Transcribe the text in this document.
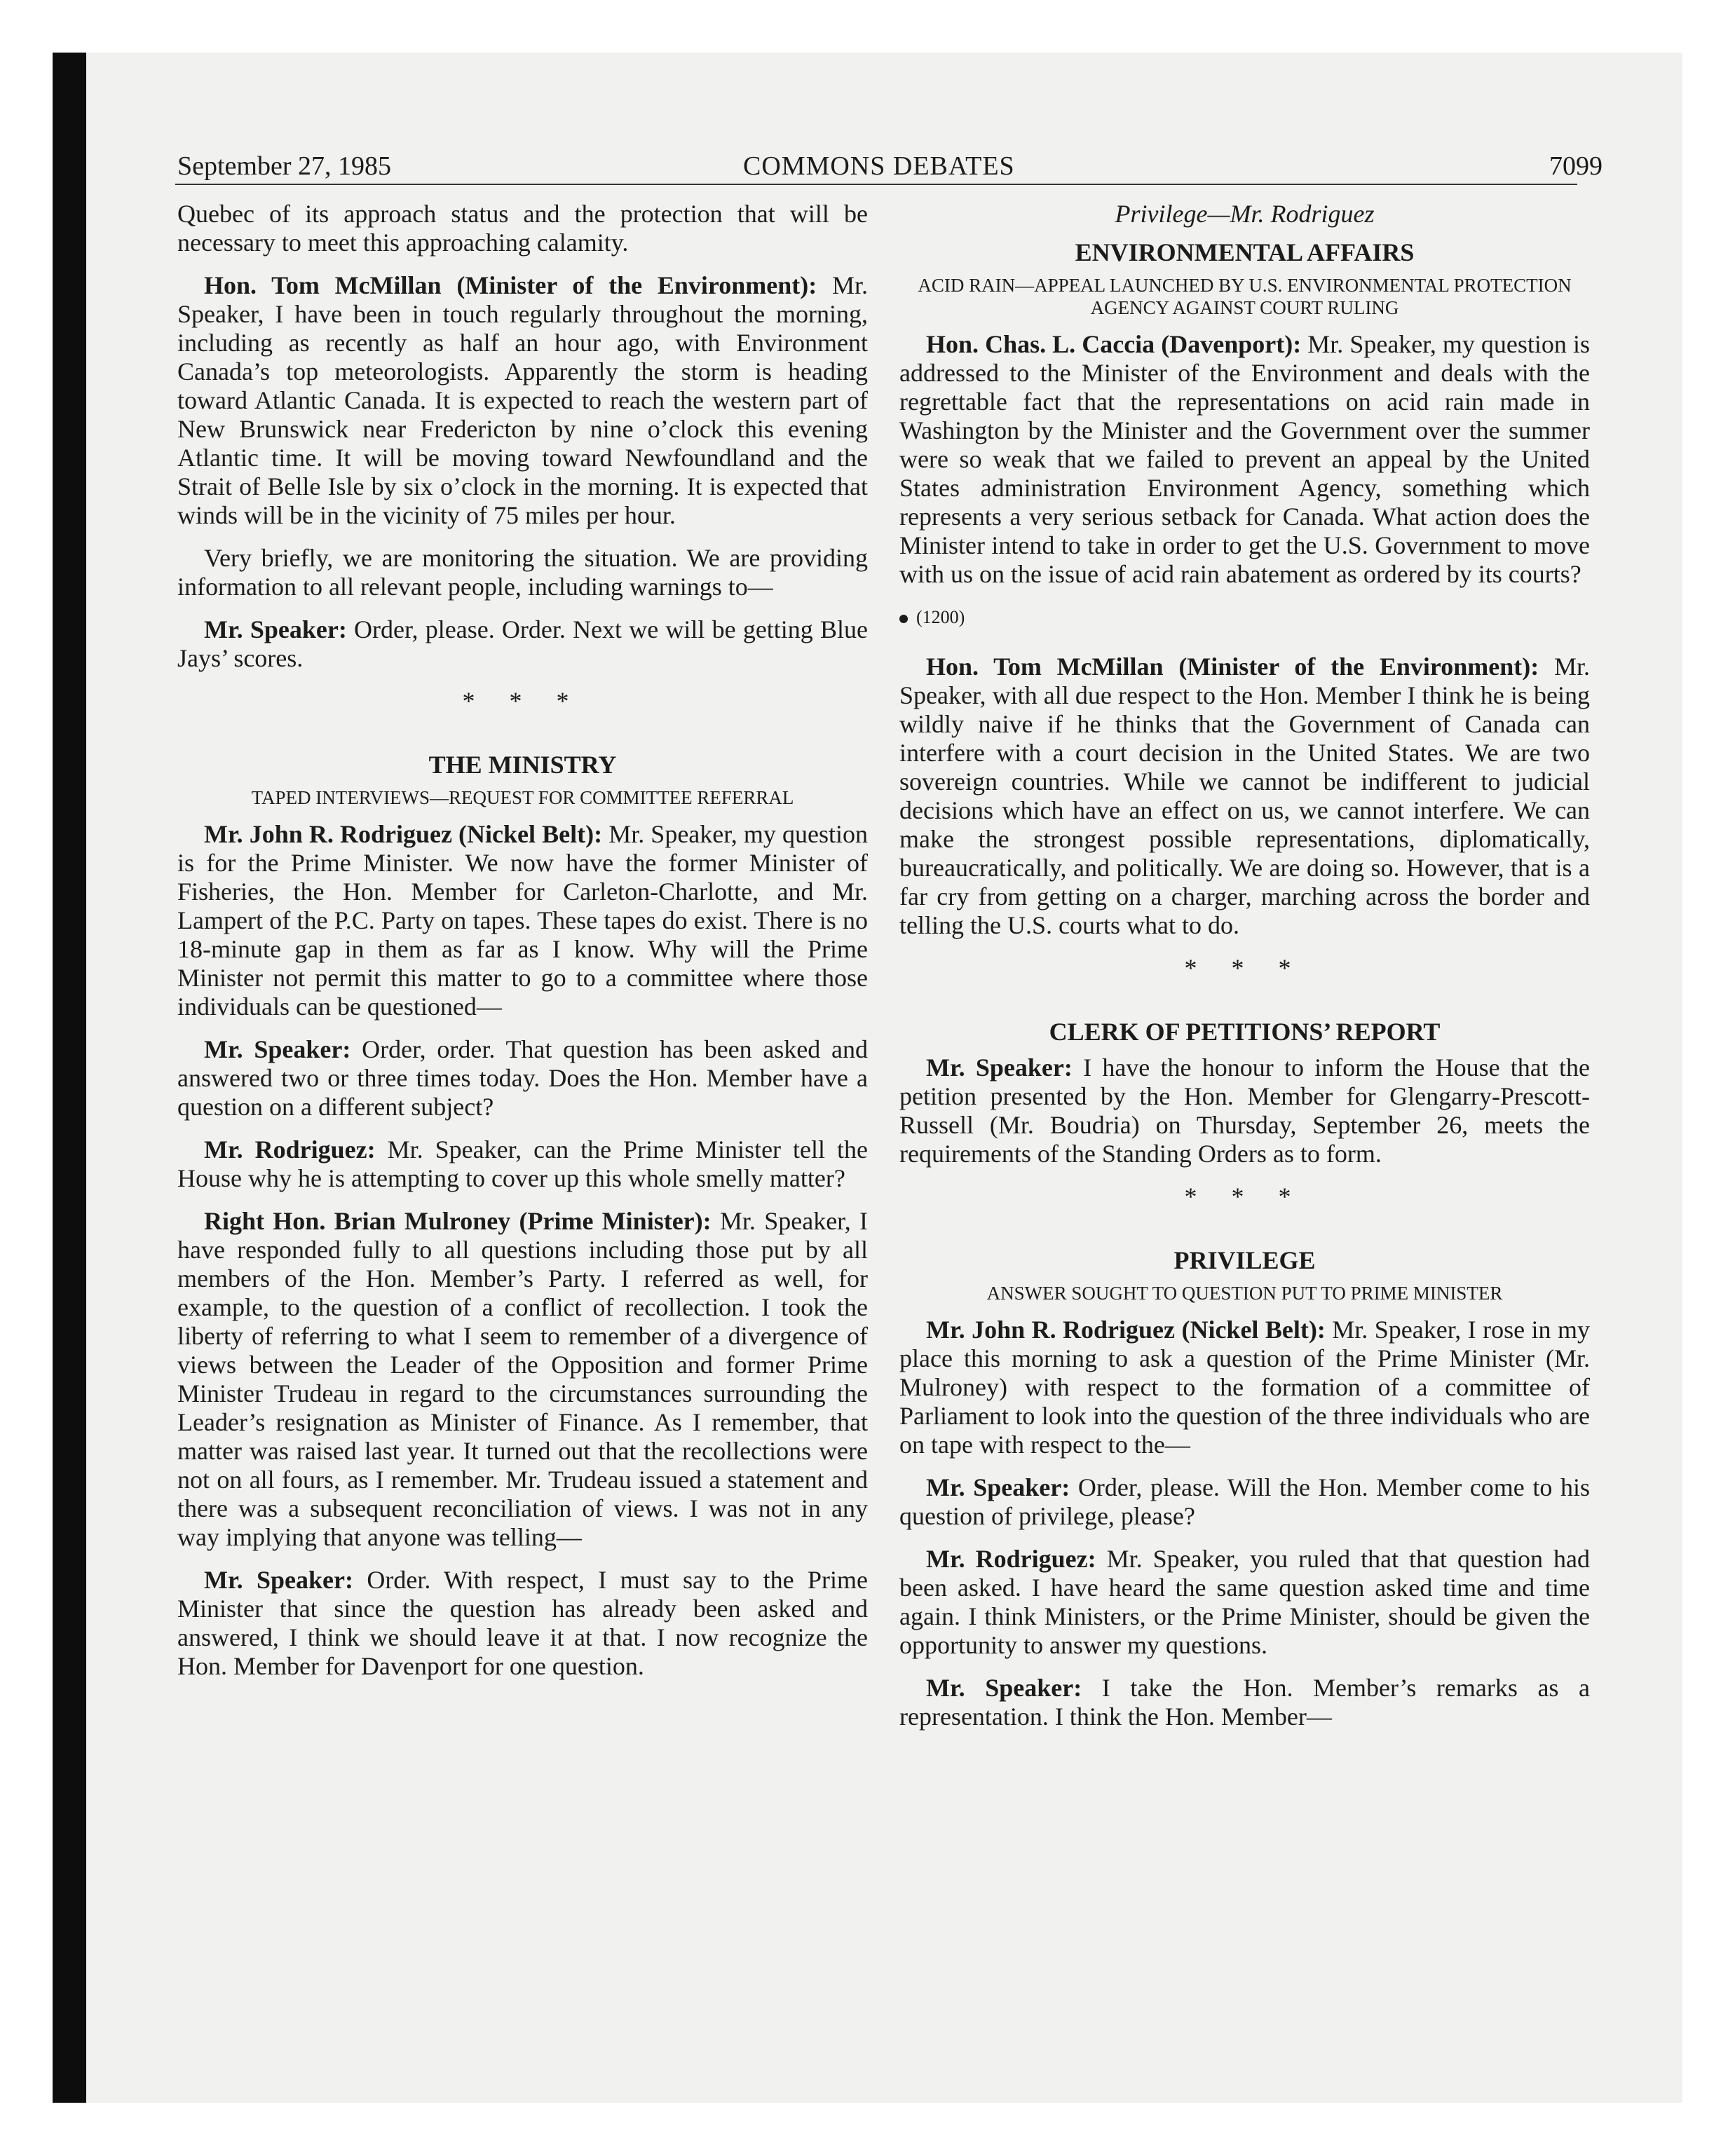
September 27, 1985	COMMONS DEBATES	7099

Quebec of its approach status and the protection that will be necessary to meet this approaching calamity.

Hon. Tom McMillan (Minister of the Environment): Mr. Speaker, I have been in touch regularly throughout the morning, including as recently as half an hour ago, with Environment Canada’s top meteorologists. Apparently the storm is heading toward Atlantic Canada. It is expected to reach the western part of New Brunswick near Fredericton by nine o’clock this evening Atlantic time. It will be moving toward Newfoundland and the Strait of Belle Isle by six o’clock in the morning. It is expected that winds will be in the vicinity of 75 miles per hour.

Very briefly, we are monitoring the situation. We are providing information to all relevant people, including warnings to—

Mr. Speaker: Order, please. Order. Next we will be getting Blue Jays’ scores.

* * *
THE MINISTRY
TAPED INTERVIEWS—REQUEST FOR COMMITTEE REFERRAL

Mr. John R. Rodriguez (Nickel Belt): Mr. Speaker, my question is for the Prime Minister. We now have the former Minister of Fisheries, the Hon. Member for Carleton-Charlotte, and Mr. Lampert of the P.C. Party on tapes. These tapes do exist. There is no 18-minute gap in them as far as I know. Why will the Prime Minister not permit this matter to go to a committee where those individuals can be questioned—

Mr. Speaker: Order, order. That question has been asked and answered two or three times today. Does the Hon. Member have a question on a different subject?

Mr. Rodriguez: Mr. Speaker, can the Prime Minister tell the House why he is attempting to cover up this whole smelly matter?

Right Hon. Brian Mulroney (Prime Minister): Mr. Speaker, I have responded fully to all questions including those put by all members of the Hon. Member’s Party. I referred as well, for example, to the question of a conflict of recollection. I took the liberty of referring to what I seem to remember of a divergence of views between the Leader of the Opposition and former Prime Minister Trudeau in regard to the circumstances surrounding the Leader’s resignation as Minister of Finance. As I remember, that matter was raised last year. It turned out that the recollections were not on all fours, as I remember. Mr. Trudeau issued a statement and there was a subsequent reconciliation of views. I was not in any way implying that anyone was telling—

Mr. Speaker: Order. With respect, I must say to the Prime Minister that since the question has already been asked and answered, I think we should leave it at that. I now recognize the Hon. Member for Davenport for one question.

Privilege—Mr. Rodriguez
ENVIRONMENTAL AFFAIRS
ACID RAIN—APPEAL LAUNCHED BY U.S. ENVIRONMENTAL PROTECTION AGENCY AGAINST COURT RULING

Hon. Chas. L. Caccia (Davenport): Mr. Speaker, my question is addressed to the Minister of the Environment and deals with the regrettable fact that the representations on acid rain made in Washington by the Minister and the Government over the summer were so weak that we failed to prevent an appeal by the United States administration Environment Agency, something which represents a very serious setback for Canada. What action does the Minister intend to take in order to get the U.S. Government to move with us on the issue of acid rain abatement as ordered by its courts?

(1200)

Hon. Tom McMillan (Minister of the Environment): Mr. Speaker, with all due respect to the Hon. Member I think he is being wildly naive if he thinks that the Government of Canada can interfere with a court decision in the United States. We are two sovereign countries. While we cannot be indifferent to judicial decisions which have an effect on us, we cannot interfere. We can make the strongest possible representations, diplomatically, bureaucratically, and politically. We are doing so. However, that is a far cry from getting on a charger, marching across the border and telling the U.S. courts what to do.

* * *
CLERK OF PETITIONS’ REPORT

Mr. Speaker: I have the honour to inform the House that the petition presented by the Hon. Member for Glengarry-Prescott-Russell (Mr. Boudria) on Thursday, September 26, meets the requirements of the Standing Orders as to form.

* * *
PRIVILEGE
ANSWER SOUGHT TO QUESTION PUT TO PRIME MINISTER

Mr. John R. Rodriguez (Nickel Belt): Mr. Speaker, I rose in my place this morning to ask a question of the Prime Minister (Mr. Mulroney) with respect to the formation of a committee of Parliament to look into the question of the three individuals who are on tape with respect to the—

Mr. Speaker: Order, please. Will the Hon. Member come to his question of privilege, please?

Mr. Rodriguez: Mr. Speaker, you ruled that that question had been asked. I have heard the same question asked time and time again. I think Ministers, or the Prime Minister, should be given the opportunity to answer my questions.

Mr. Speaker: I take the Hon. Member’s remarks as a representation. I think the Hon. Member—
